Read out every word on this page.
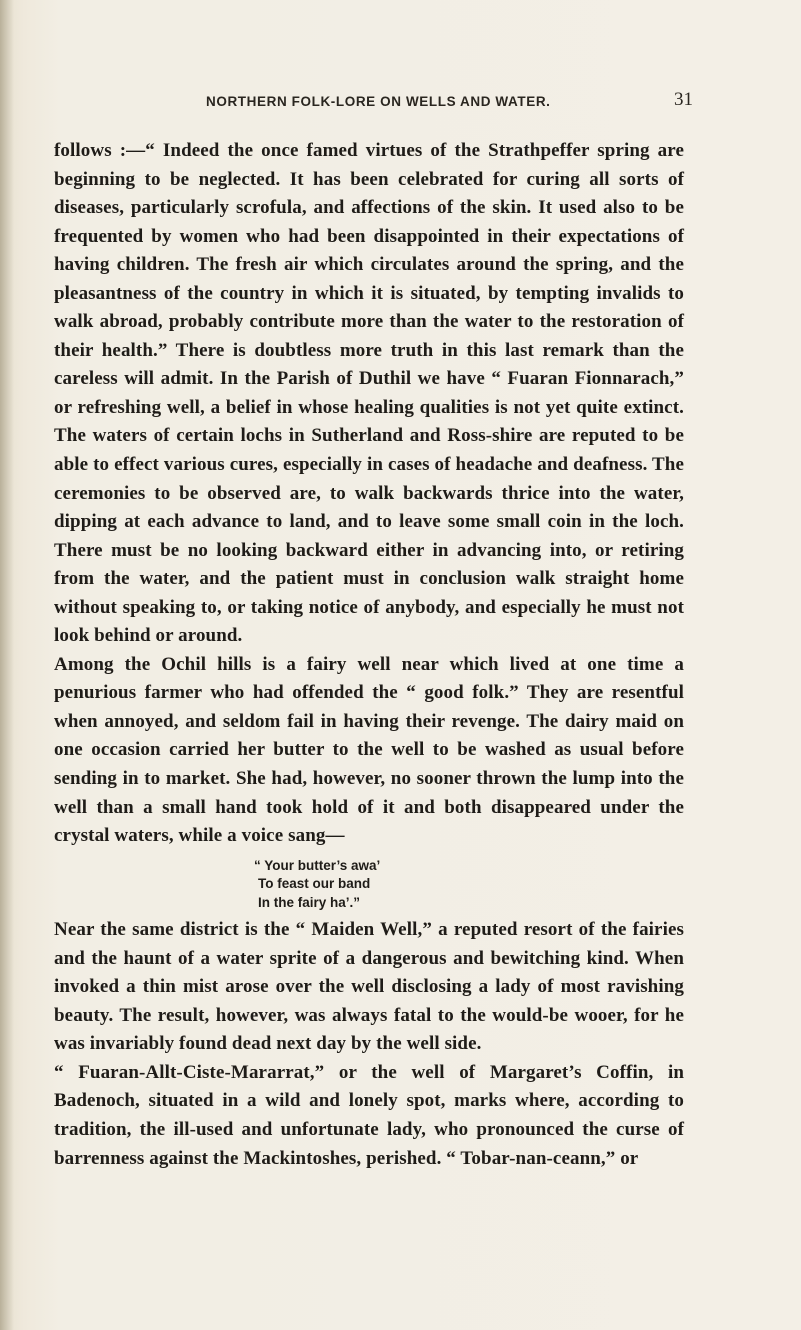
NORTHERN FOLK-LORE ON WELLS AND WATER.	31

follows :—“ Indeed the once famed virtues of the Strathpeffer spring are beginning to be neglected. It has been celebrated for curing all sorts of diseases, particularly scrofula, and affections of the skin. It used also to be frequented by women who had been disappointed in their expectations of having children. The fresh air which circulates around the spring, and the pleasantness of the country in which it is situated, by tempting invalids to walk abroad, probably contribute more than the water to the restoration of their health.” There is doubtless more truth in this last remark than the careless will admit. In the Parish of Duthil we have “ Fuaran Fionnarach,” or refreshing well, a belief in whose healing qualities is not yet quite extinct. The waters of certain lochs in Sutherland and Ross-shire are reputed to be able to effect various cures, especially in cases of headache and deafness. The ceremonies to be observed are, to walk backwards thrice into the water, dipping at each advance to land, and to leave some small coin in the loch. There must be no looking backward either in advancing into, or retiring from the water, and the patient must in conclusion walk straight home without speaking to, or taking notice of anybody, and especially he must not look behind or around.

Among the Ochil hills is a fairy well near which lived at one time a penurious farmer who had offended the “ good folk.” They are resentful when annoyed, and seldom fail in having their revenge. The dairy maid on one occasion carried her butter to the well to be washed as usual before sending in to market. She had, however, no sooner thrown the lump into the well than a small hand took hold of it and both disappeared under the crystal waters, while a voice sang—

“ Your butter’s awa’
To feast our band
In the fairy ha’.”

Near the same district is the “ Maiden Well,” a reputed resort of the fairies and the haunt of a water sprite of a dangerous and bewitching kind. When invoked a thin mist arose over the well disclosing a lady of most ravishing beauty. The result, however, was always fatal to the would-be wooer, for he was invariably found dead next day by the well side.

“ Fuaran-Allt-Ciste-Mararrat,” or the well of Margaret’s Coffin, in Badenoch, situated in a wild and lonely spot, marks where, according to tradition, the ill-used and unfortunate lady, who pronounced the curse of barrenness against the Mackintoshes, perished. “ Tobar-nan-ceann,” or
